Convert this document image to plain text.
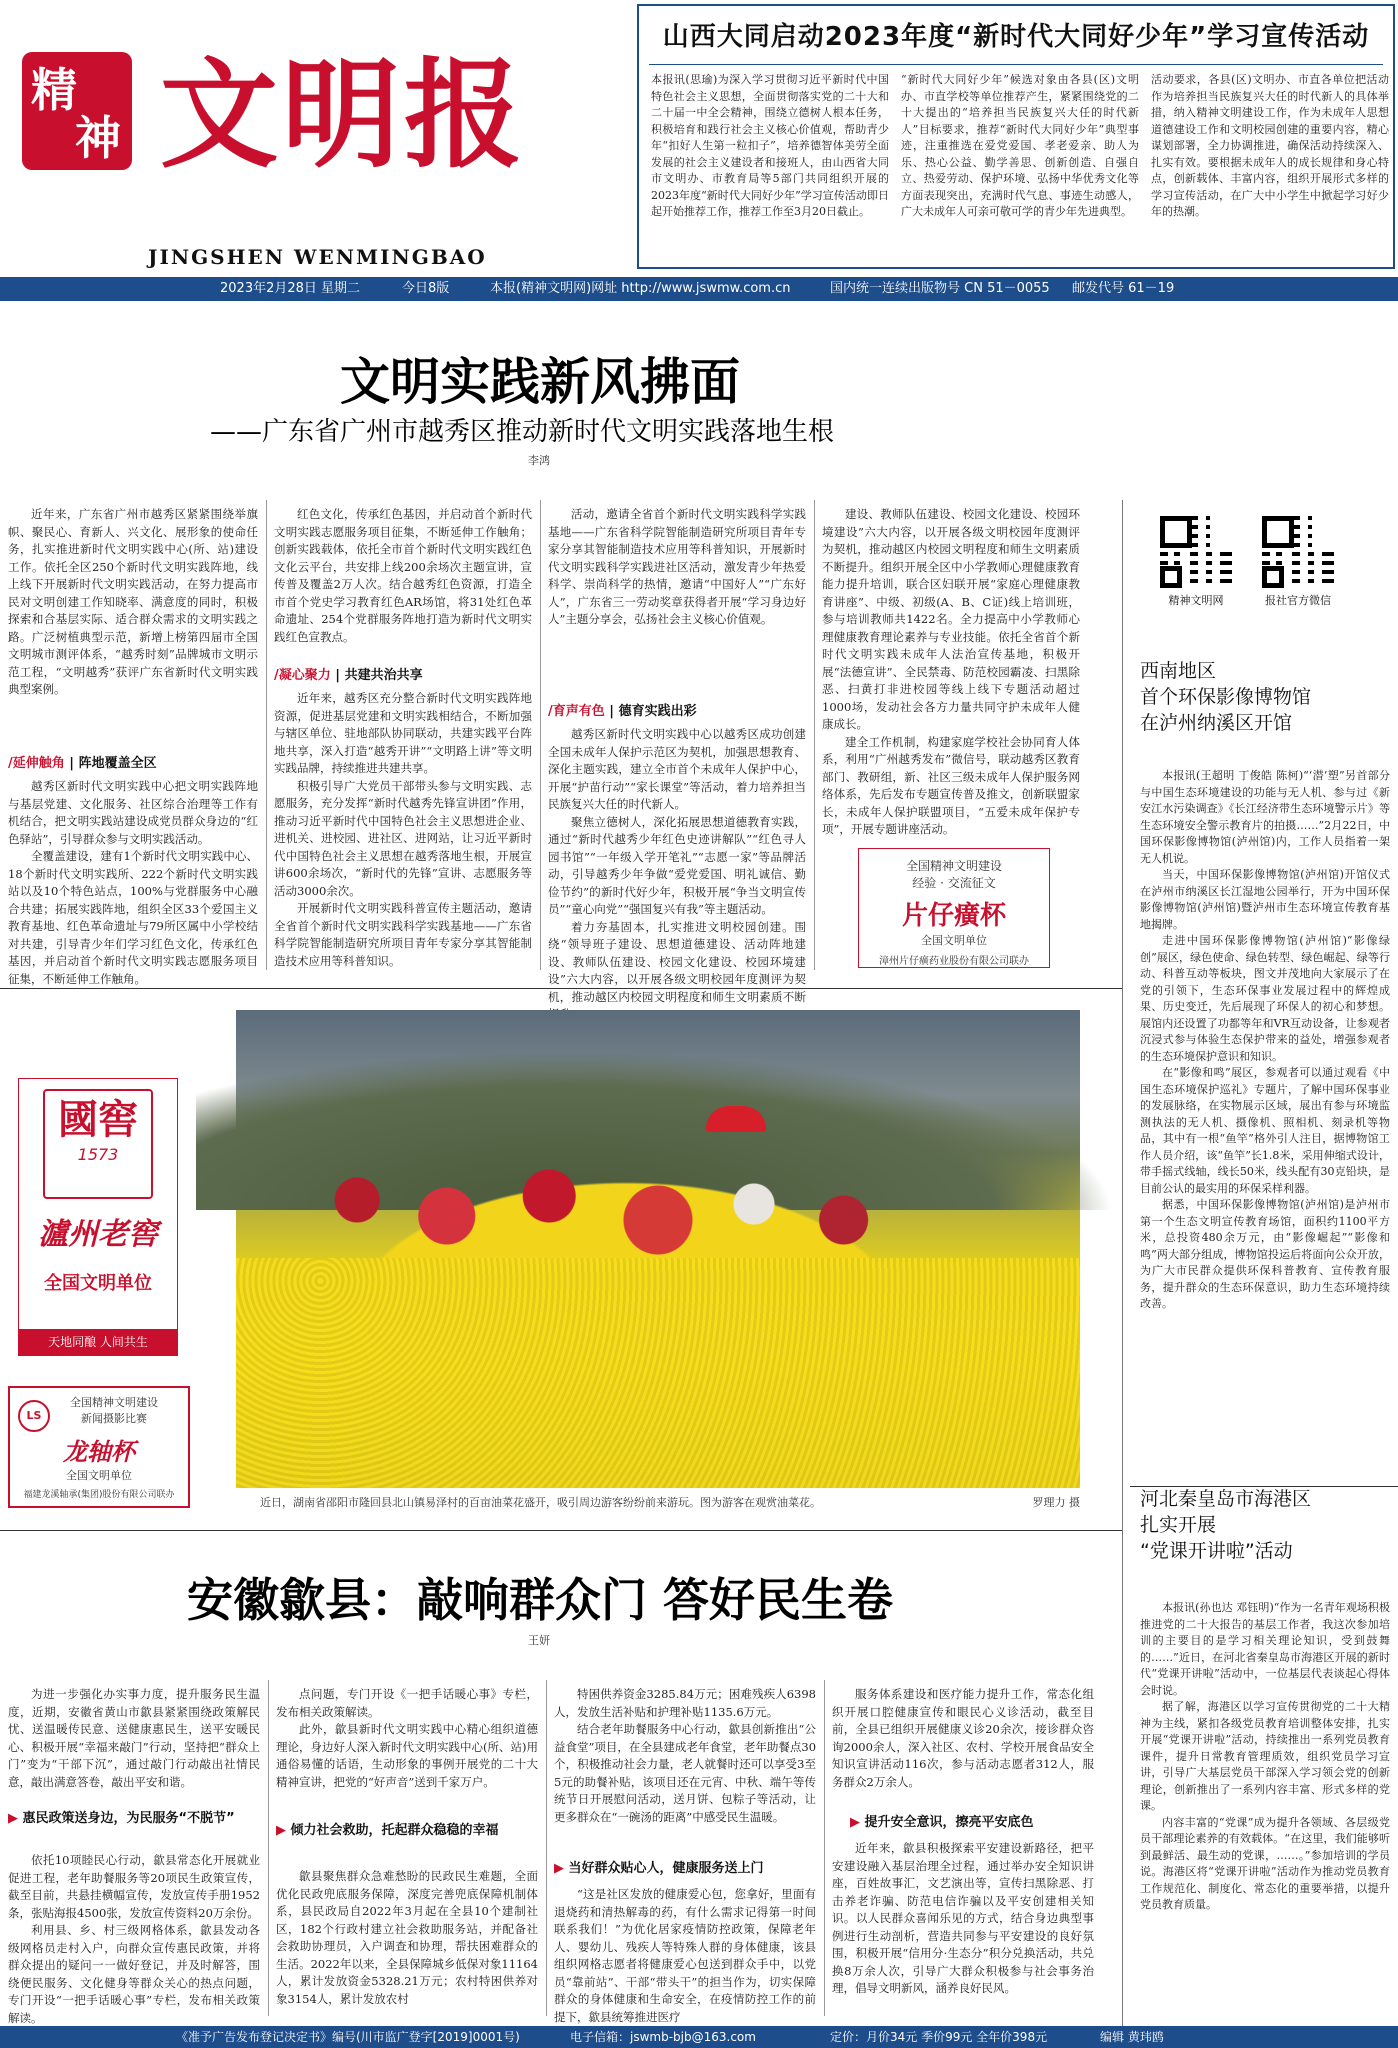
精
神 文明报
JINGSHEN WENMINGBAO
山西大同启动2023年度“新时代大同好少年”学习宣传活动
本报讯(思瑜)为深入学习贯彻习近平新时代中国特色社会主义思想，全面贯彻落实党的二十大和二十届一中全会精神，围绕立德树人根本任务，积极培育和践行社会主义核心价值观，帮助青少年“扣好人生第一粒扣子”，培养德智体美劳全面发展的社会主义建设者和接班人，由山西省大同市文明办、市教育局等5部门共同组织开展的2023年度“新时代大同好少年”学习宣传活动即日起开始推荐工作，推荐工作至3月20日截止。
“新时代大同好少年”候选对象由各县(区)文明办、市直学校等单位推荐产生，紧紧围绕党的二十大提出的“培养担当民族复兴大任的时代新人”目标要求，推荐“新时代大同好少年”典型事迹，注重推选在爱党爱国、孝老爱亲、助人为乐、热心公益、勤学善思、创新创造、自强自立、热爱劳动、保护环境、弘扬中华优秀文化等方面表现突出，充满时代气息、事迹生动感人，广大未成年人可亲可敬可学的青少年先进典型。
活动要求，各县(区)文明办、市直各单位把活动作为培养担当民族复兴大任的时代新人的具体举措，纳入精神文明建设工作，作为未成年人思想道德建设工作和文明校园创建的重要内容，精心谋划部署，全力协调推进，确保活动持续深入、扎实有效。要根据未成年人的成长规律和身心特点，创新载体、丰富内容，组织开展形式多样的学习宣传活动，在广大中小学生中掀起学习好少年的热潮。
2023年2月28日 星期二	今日8版	本报(精神文明网)网址 http://www.jswmw.com.cn	国内统一连续出版物号 CN 51－0055 邮发代号 61－19
文明实践新风拂面
——广东省广州市越秀区推动新时代文明实践落地生根
李鸿

近年来，广东省广州市越秀区紧紧围绕举旗帜、聚民心、育新人、兴文化、展形象的使命任务，扎实推进新时代文明实践中心(所、站)建设工作。依托全区250个新时代文明实践阵地，线上线下开展新时代文明实践活动，在努力提高市民对文明创建工作知晓率、满意度的同时，积极探索和合基层实际、适合群众需求的文明实践之路。广泛树植典型示范，新增上榜第四届市全国文明城市测评体系，“越秀时刻”品牌城市文明示范工程，“文明越秀”获评广东省新时代文明实践典型案例。

/延伸触角 | 阵地覆盖全区

越秀区新时代文明实践中心把文明实践阵地与基层党建、文化服务、社区综合治理等工作有机结合，把文明实践站建设成党员群众身边的“红色驿站”，引导群众参与文明实践活动。

全覆盖建设，建有1个新时代文明实践中心、18个新时代文明实践所、222个新时代文明实践站以及10个特色站点，100%与党群服务中心融合共建；拓展实践阵地，组织全区33个爱国主义教育基地、红色革命遗址与79所区属中小学校结对共建，引导青少年们学习红色文化，传承红色基因，并启动首个新时代文明实践志愿服务项目征集，不断延伸工作触角。

红色文化，传承红色基因，并启动首个新时代文明实践志愿服务项目征集，不断延伸工作触角；创新实践载体，依托全市首个新时代文明实践红色文化云平台，共安排上线200余场次主题宣讲，宣传普及覆盖2万人次。结合越秀红色资源，打造全市首个党史学习教育红色AR场馆，将31处红色革命遗址、254个党群服务阵地打造为新时代文明实践红色宣教点。

/凝心聚力 | 共建共治共享

近年来，越秀区充分整合新时代文明实践阵地资源，促进基层党建和文明实践相结合，不断加强与辖区单位、驻地部队协同联动，共建实践平台阵地共享，深入打造“越秀开讲”“文明路上讲”等文明实践品牌，持续推进共建共享。

积极引导广大党员干部带头参与文明实践、志愿服务，充分发挥“新时代越秀先锋宣讲团”作用，推动习近平新时代中国特色社会主义思想进企业、进机关、进校园、进社区、进网站，让习近平新时代中国特色社会主义思想在越秀落地生根，开展宣讲600余场次，“新时代的先锋”宣讲、志愿服务等活动3000余次。

开展新时代文明实践科普宣传主题活动，邀请全省首个新时代文明实践科学实践基地——广东省科学院智能制造研究所项目青年专家分享其智能制造技术应用等科普知识。

活动，邀请全省首个新时代文明实践科学实践基地——广东省科学院智能制造研究所项目青年专家分享其智能制造技术应用等科普知识，开展新时代文明实践科学实践进社区活动，激发青少年热爱科学、崇尚科学的热情，邀请“中国好人”“广东好人”，广东省三一劳动奖章获得者开展“学习身边好人”主题分享会，弘扬社会主义核心价值观。

/育声有色 | 德育实践出彩

越秀区新时代文明实践中心以越秀区成功创建全国未成年人保护示范区为契机，加强思想教育、深化主题实践，建立全市首个未成年人保护中心，开展“护苗行动”“家长课堂”等活动，着力培养担当民族复兴大任的时代新人。

聚焦立德树人，深化拓展思想道德教育实践，通过“新时代越秀少年红色史迹讲解队”“红色寻人园书馆”“一年级入学开笔礼”“志愿一家”等品牌活动，引导越秀少年争做“爱党爱国、明礼诚信、勤俭节约”的新时代好少年，积极开展“争当文明宣传员”“童心向党”“强国复兴有我”等主题活动。

着力夯基固本，扎实推进文明校园创建。围绕“领导班子建设、思想道德建设、活动阵地建设、教师队伍建设、校园文化建设、校园环境建设”六大内容，以开展各级文明校园年度测评为契机，推动越区内校园文明程度和师生文明素质不断

建设、教师队伍建设、校园文化建设、校园环境建设”六大内容，以开展各级文明校园年度测评为契机，推动越区内校园文明程度和师生文明素质不断提升。组织开展全区中小学教师心理健康教育能力提升培训，联合区妇联开展“家庭心理健康教育讲座”、中级、初级(A、B、C证)线上培训班，参与培训教师共1422名。全力提高中小学教师心理健康教育理论素养与专业技能。依托全省首个新时代文明实践未成年人法治宣传基地，积极开展“法德宣讲”、全民禁毒、防范校园霸凌、扫黑除恶、扫黄打非进校园等线上线下专题活动超过1000场，发动社会各方力量共同守护未成年人健康成长。

建全工作机制，构建家庭学校社会协同育人体系，利用“广州越秀发布”微信号，联动越秀区教育部门、教研组，新、社区三级未成年人保护服务网络体系，先后发布专题宣传普及推文，创新联盟家长，未成年人保护联盟项目，“五爱未成年保护专项”，开展专题讲座活动。

全国精神文明建设
经验 · 交流征文
片仔癀杯
全国文明单位
漳州片仔癀药业股份有限公司联办
精神文明网	报社官方微信
西南地区
首个环保影像博物馆
在泸州纳溪区开馆

本报讯(王超明 丁俊皓 陈柯)“‘潜’塑”另首部分与中国生态环境建设的功能与无人机、参与过《新安江水污染调查》《长江经济带生态环境警示片》等生态环境安全警示教育片的拍摄……”2月22日，中国环保影像博物馆(泸州馆)内，工作人员指着一架无人机说。

当天，中国环保影像博物馆(泸州馆)开馆仪式在泸州市纳溪区长江湿地公园举行，开为中国环保影像博物馆(泸州馆)暨泸州市生态环境宣传教育基地揭牌。

走进中国环保影像博物馆(泸州馆)“影像绿创”展区，绿色使命、绿色转型、绿色崛起、绿等行动、科普互动等板块，图文并茂地向大家展示了在党的引领下，生态环保事业发展过程中的辉煌成果、历史变迁，先后展现了环保人的初心和梦想。展馆内还设置了功都等年和VR互动设备，让参观者沉浸式参与体验生态保护带来的益处，增强参观者的生态环境保护意识和知识。

在“影像和鸣”展区，参观者可以通过观看《中国生态环境保护巡礼》专题片，了解中国环保事业的发展脉络，在实物展示区域，展出有参与环境监测执法的无人机、摄像机、照相机、刻录机等物品，其中有一根“鱼竿”格外引人注目，据博物馆工作人员介绍，该“鱼竿”长1.8米，采用伸缩式设计，带手摇式线轴，线长50米，线头配有30克铅块，是目前公认的最实用的环保采样利器。

据悉，中国环保影像博物馆(泸州馆)是泸州市第一个生态文明宣传教育场馆，面积约1100平方米，总投资480余万元，由“影像崛起”“影像和鸣”两大部分组成，博物馆投运后将面向公众开放，为广大市民群众提供环保科普教育、宣传教育服务，提升群众的生态环保意识，助力生态环境持续改善。

河北秦皇岛市海港区
扎实开展
“党课开讲啦”活动

本报讯(孙也达 邓钰明)“作为一名青年观场积极推进党的二十大报告的基层工作者，我这次参加培训的主要目的是学习相关理论知识，受到鼓舞的……”近日，在河北省秦皇岛市海港区开展的新时代“党课开讲啦”活动中，一位基层代表谈起心得体会时说。

据了解，海港区以学习宣传贯彻党的二十大精神为主线，紧扣各级党员教育培训整体安排，扎实开展“党课开讲啦”活动，持续推出一系列党员教育课件，提升日常教育管理质效，组织党员学习宣讲，引导广大基层党员干部深入学习领会党的创新理论，创新推出了一系列内容丰富、形式多样的党课。

内容丰富的“党课”成为提升各领域、各层级党员干部理论素养的有效载体。“在这里，我们能够听到最鲜活、最生动的党课，……。”参加培训的学员说。海港区将“党课开讲啦”活动作为推动党员教育工作规范化、制度化、常态化的重要举措，以提升党员教育质量。

國窖
1573
瀘州老窖
全国文明单位
天地同酿 人间共生
LS
全国精神文明建设
新闻摄影比赛
龙轴杯
全国文明单位
福建龙溪轴承(集团)股份有限公司联办
近日，湖南省邵阳市隆回县北山镇易泽村的百亩油菜花盛开，吸引周边游客纷纷前来游玩。图为游客在观赏油菜花。	罗理力 摄
安徽歙县：敲响群众门 答好民生卷
王妍

为进一步强化办实事力度，提升服务民生温度，近期，安徽省黄山市歙县紧紧围绕政策解民忧、送温暖传民意、送健康惠民生，送平安暖民心、积极开展“幸福来敲门”行动，坚持把“群众上门”变为“干部下沉”，通过敲门行动敲出社情民意，敲出满意答卷，敲出平安和谐。

▶ 惠民政策送身边，为民服务“不脱节”

依托10项睦民心行动，歙县常态化开展就业促进工程，老年助餐服务等20项民生政策宣传，截至目前，共悬挂横幅宣传，发放宣传手册1952条，张贴海报4500张，发放宣传资料20万余份。

利用县、乡、村三级网格体系，歙县发动各级网格员走村入户，向群众宣传惠民政策，并将群众提出的疑问一一做好登记，并及时解答，围绕便民服务、文化健身等群众关心的热点问题，专门开设“一把手话暖心事”专栏，发布相关政策解读。

点问题，专门开设《一把手话暖心事》专栏，发布相关政策解读。

此外，歙县新时代文明实践中心精心组织道德理论，身边好人深入新时代文明实践中心(所、站)用通俗易懂的话语，生动形象的事例开展党的二十大精神宣讲，把党的“好声音”送到千家万户。

▶ 倾力社会救助，托起群众稳稳的幸福

歙县聚焦群众急难愁盼的民政民生难题，全面优化民政兜底服务保障，深度完善兜底保障机制体系，县民政局自2022年3月起在全县10个建制社区，182个行政村建立社会救助服务站，并配备社会救助协理员，入户调查和协理，帮扶困难群众的生活。2022年以来，全县保障城乡低保对象11164人，累计发放资金5328.21万元；农村特困供养对象3154人，累计发放农村

特困供养资金3285.84万元；困难残疾人6398人，发放生活补贴和护理补贴1135.6万元。

结合老年助餐服务中心行动，歙县创新推出“公益食堂”项目，在全县建成老年食堂，老年助餐点30个，积极推动社会力量，老人就餐时还可以享受3至5元的助餐补贴，该项目还在元宵、中秋、端午等传统节日开展慰问活动，送月饼、包粽子等活动，让更多群众在“一碗汤的距离”中感受民生温暖。

▶ 当好群众贴心人，健康服务送上门

“这是社区发放的健康爱心包，您拿好，里面有退烧药和清热解毒的药，有什么需求记得第一时间联系我们！”为优化居家疫情防控政策，保障老年人、婴幼儿、残疾人等特殊人群的身体健康，该县组织网格志愿者将健康爱心包送到群众手中，以党员“靠前站”、干部“带头干”的担当作为，切实保障群众的身体健康和生命安全，在疫情防控工作的前提下，歙县统筹推进医疗

服务体系建设和医疗能力提升工作，常态化组织开展口腔健康宣传和眼民心义诊活动，截至目前，全县已组织开展健康义诊20余次，接诊群众咨询2000余人，深入社区、农村、学校开展食品安全知识宣讲活动116次，参与活动志愿者312人，服务群众2万余人。

▶ 提升安全意识，擦亮平安底色

近年来，歙县积极探索平安建设新路径，把平安建设融入基层治理全过程，通过举办安全知识讲座，百姓故事汇，文艺演出等，宣传扫黑除恶、打击养老诈骗、防范电信诈骗以及平安创建相关知识。以人民群众喜闻乐见的方式，结合身边典型事例进行生动剖析，营造共同参与平安建设的良好氛围，积极开展“信用分·生态分”积分兑换活动，共兑换8万余人次，引导广大群众积极参与社会事务治理，倡导文明新风，涵养良好民风。

《准予广告发布登记决定书》编号(川市监广登字[2019]0001号)	电子信箱：jswmb-bjb@163.com	定价：月价34元 季价99元 全年价398元	编辑 黄玮鸥
